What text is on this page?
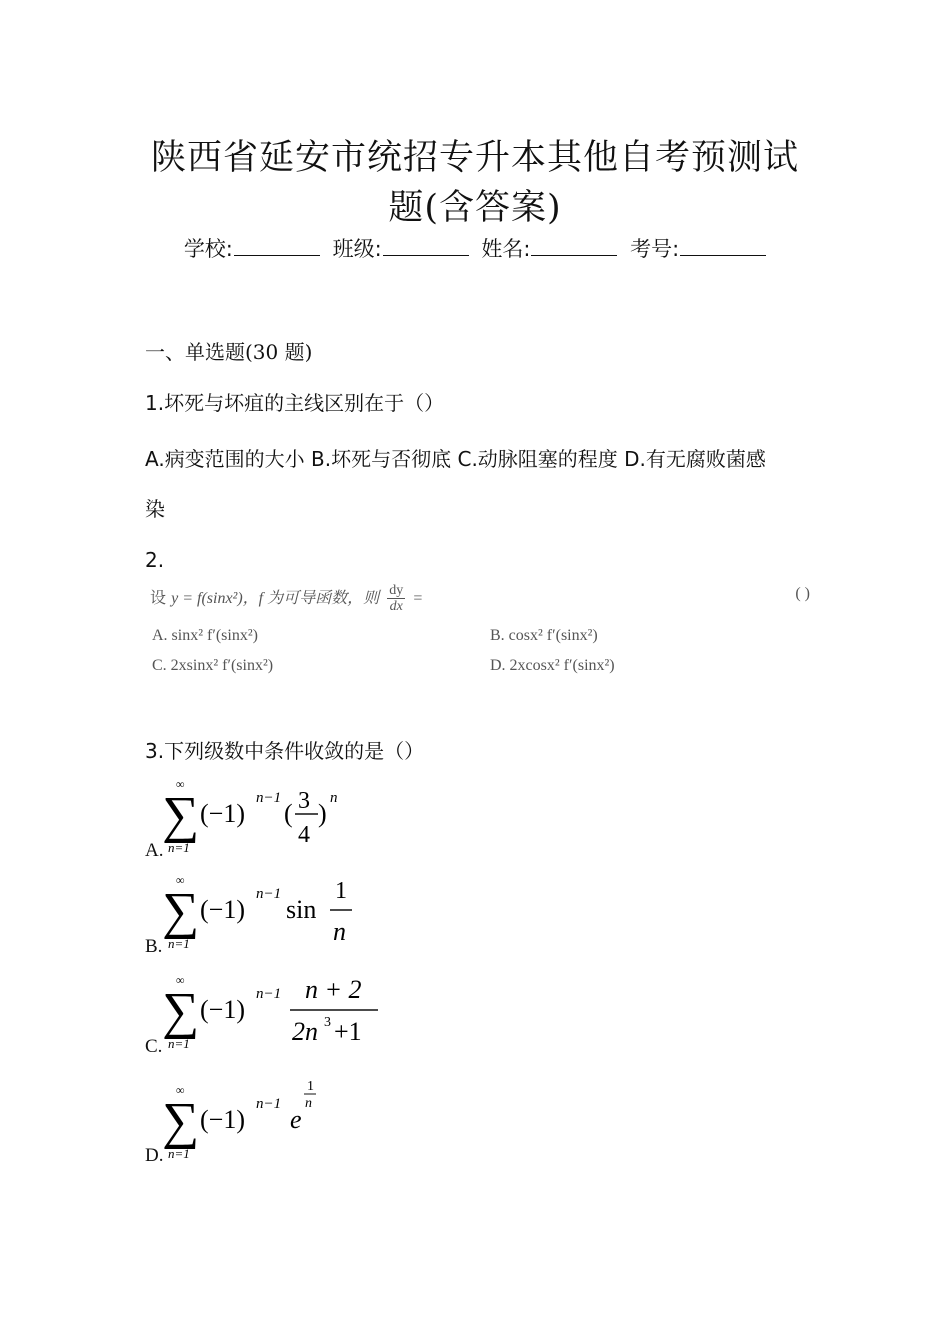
陕西省延安市统招专升本其他自考预测试
题(含答案)
学校:	班级:	姓名:	考号:
一、单选题(30 题)
1.坏死与坏疽的主线区别在于（）
A.病变范围的大小 B.坏死与否彻底 C.动脉阻塞的程度 D.有无腐败菌感
染
2.
设 y = f(sinx²)，f 为可导函数，则 $\frac{dy}{dx}$ =	( )
A. sinx² f′(sinx²)	B. cosx² f′(sinx²)
C. 2xsinx² f′(sinx²)	D. 2xcosx² f′(sinx²)
3.下列级数中条件收敛的是（）
A.
∞
∑
n=1
(−1)
n−1
( 3
4
)
n
B.
∞
∑
n=1
(−1)
n−1
sin
1
n
C.
∞
∑
n=1
(−1)
n−1 n + 2
2n 3 +1
D.
∞
∑
n=1
(−1)
n−1
e
1
n
